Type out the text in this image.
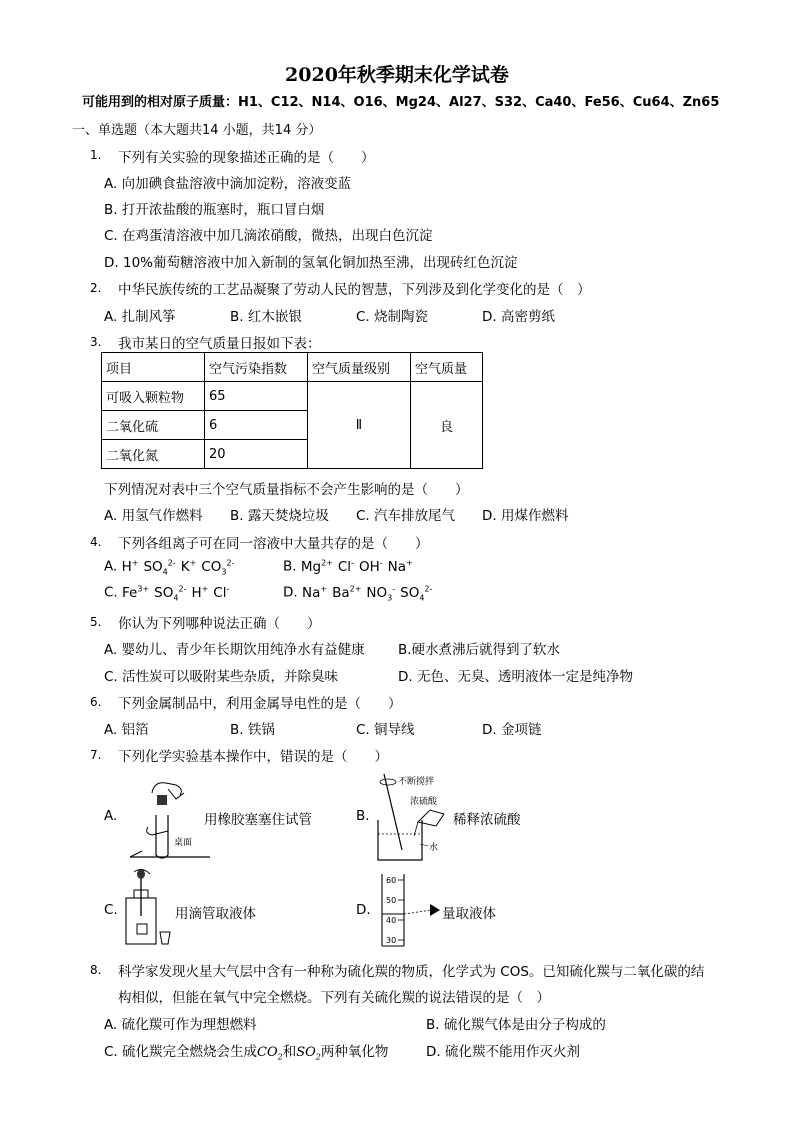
2020年秋季期末化学试卷
可能用到的相对原子质量：H1、C12、N14、O16、Mg24、Al27、S32、Ca40、Fe56、Cu64、Zn65
一、单选题（本大题共14 小题，共14 分）
1. 下列有关实验的现象描述正确的是（　　）
A. 向加碘食盐溶液中滴加淀粉，溶液变蓝
B. 打开浓盐酸的瓶塞时，瓶口冒白烟
C. 在鸡蛋清溶液中加几滴浓硝酸，微热，出现白色沉淀
D. 10%葡萄糖溶液中加入新制的氢氧化铜加热至沸，出现砖红色沉淀
2. 中华民族传统的工艺品凝聚了劳动人民的智慧，下列涉及到化学变化的是（　）
A. 扎制风筝	B. 红木嵌银	C. 烧制陶瓷	D. 高密剪纸
3. 我市某日的空气质量日报如下表：
项目	空气污染指数	空气质量级别	空气质量
可吸入颗粒物	65	Ⅱ	良
二氧化硫	6		
二氧化氮	20		
下列情况对表中三个空气质量指标不会产生影响的是（　　）
A. 用氢气作燃料 B. 露天焚烧垃圾 C. 汽车排放尾气 D. 用煤作燃料
4. 下列各组离子可在同一溶液中大量共存的是（　　）
A. H+ $SO_4^{2-}$ K+ $CO_3^{2-}$	B. $Mg^{2+}$ Cl- OH- Na+
C. $Fe^{3+}$ $SO_4^{2-}$ H+ Cl-	D. Na+ $Ba^{2+}$ $NO_3^-$ $SO_4^{2-}$
5. 你认为下列哪种说法正确（　　）
A. 婴幼儿、青少年长期饮用纯净水有益健康 B.硬水煮沸后就得到了软水
C. 活性炭可以吸附某些杂质，并除臭味	D. 无色、无臭、透明液体一定是纯净物
6. 下列金属制品中，利用金属导电性的是（　　）
A. 铝箔	B. 铁锅	C. 铜导线	D. 金项链
7. 下列化学实验基本操作中，错误的是（　　）
A.
桌面
用橡胶塞塞住试管	B.
不断搅拌
浓硫酸
水
稀释浓硫酸
C.	用滴管取液体	D.
60
50
40
30
量取液体
8. 科学家发现火星大气层中含有一种称为硫化羰的物质，化学式为 COS。已知硫化羰与二氧化碳的结
构相似，但能在氧气中完全燃烧。下列有关硫化羰的说法错误的是（　）
A. 硫化羰可作为理想燃料	B. 硫化羰气体是由分子构成的
C. 硫化羰完全燃烧会生成$CO_2$和$SO_2$两种氧化物	D. 硫化羰不能用作灭火剂
